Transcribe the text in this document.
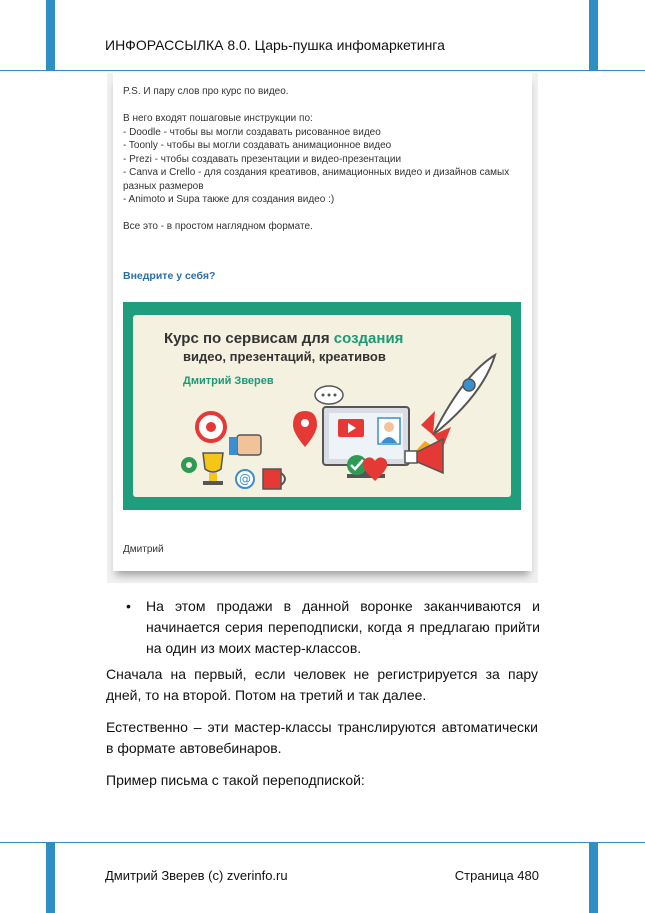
ИНФОРАССЫЛКА 8.0. Царь-пушка инфомаркетинга

P.S. И пару слов про курс по видео.

В него входят пошаговые инструкции по:

- Doodle - чтобы вы могли создавать рисованное видео

- Toonly - чтобы вы могли создавать анимационное видео

- Prezi - чтобы создавать презентации и видео-презентации

- Canva и Crello - для создания креативов, анимационных видео и дизайнов самых разных размеров

- Animoto и Supa также для создания видео :)

Все это - в простом наглядном формате.

Внедрите у себя?
Курс по сервисам для создания
видео, презентаций, креативов
Дмитрий Зверев
@
Дмитрий
• На этом продажи в данной воронке заканчиваются и начинается серия переподписки, когда я предлагаю прийти на один из моих мастер-классов.

Сначала на первый, если человек не регистрируется за пару дней, то на второй. Потом на третий и так далее.

Естественно – эти мастер-классы транслируются автоматически в формате автовебинаров.

Пример письма с такой переподпиской:

Дмитрий Зверев (с) zverinfo.ru	Страница 480
